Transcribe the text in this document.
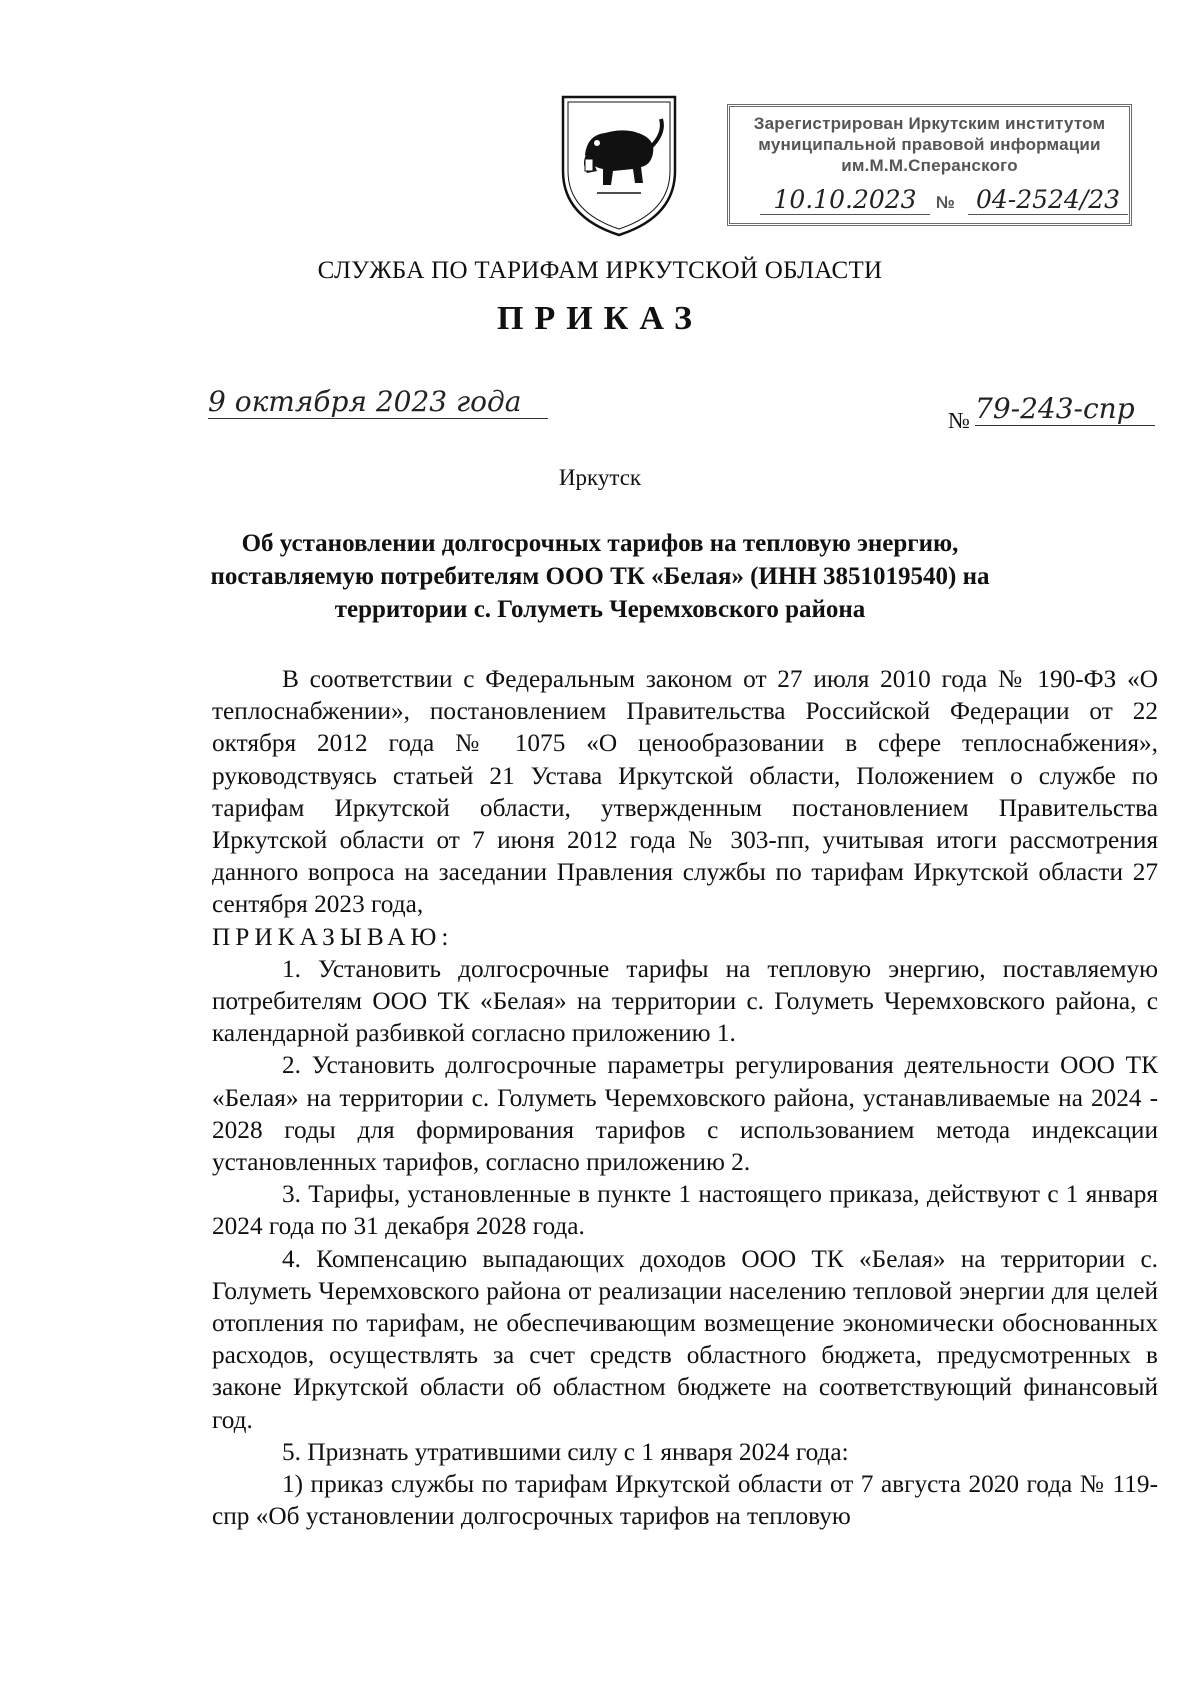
Зарегистрирован Иркутским институтом
муниципальной правовой информации
им.М.М.Сперанского
10.10.2023	№ 04-2524/23
СЛУЖБА ПО ТАРИФАМ ИРКУТСКОЙ ОБЛАСТИ
ПРИКАЗ
9 октября 2023 года
№ 79-243-спр
Иркутск
Об установлении долгосрочных тарифов на тепловую энергию,
поставляемую потребителям ООО ТК «Белая» (ИНН 3851019540) на
территории с. Голуметь Черемховского района

В соответствии с Федеральным законом от 27 июля 2010 года № 190-ФЗ «О теплоснабжении», постановлением Правительства Российской Федерации от 22 октября 2012 года № 1075 «О ценообразовании в сфере теплоснабжения», руководствуясь статьей 21 Устава Иркутской области, Положением о службе по тарифам Иркутской области, утвержденным постановлением Правительства Иркутской области от 7 июня 2012 года № 303-пп, учитывая итоги рассмотрения данного вопроса на заседании Правления службы по тарифам Иркутской области 27 сентября 2023 года,

ПРИКАЗЫВАЮ:

1. Установить долгосрочные тарифы на тепловую энергию, поставляемую потребителям ООО ТК «Белая» на территории с. Голуметь Черемховского района, с календарной разбивкой согласно приложению 1.

2. Установить долгосрочные параметры регулирования деятельности ООО ТК «Белая» на территории с. Голуметь Черемховского района, устанавливаемые на 2024 - 2028 годы для формирования тарифов с использованием метода индексации установленных тарифов, согласно приложению 2.

3. Тарифы, установленные в пункте 1 настоящего приказа, действуют с 1 января 2024 года по 31 декабря 2028 года.

4. Компенсацию выпадающих доходов ООО ТК «Белая» на территории с. Голуметь Черемховского района от реализации населению тепловой энергии для целей отопления по тарифам, не обеспечивающим возмещение экономически обоснованных расходов, осуществлять за счет средств областного бюджета, предусмотренных в законе Иркутской области об областном бюджете на соответствующий финансовый год.

5. Признать утратившими силу с 1 января 2024 года:

1) приказ службы по тарифам Иркутской области от 7 августа 2020 года № 119-спр «Об установлении долгосрочных тарифов на тепловую
